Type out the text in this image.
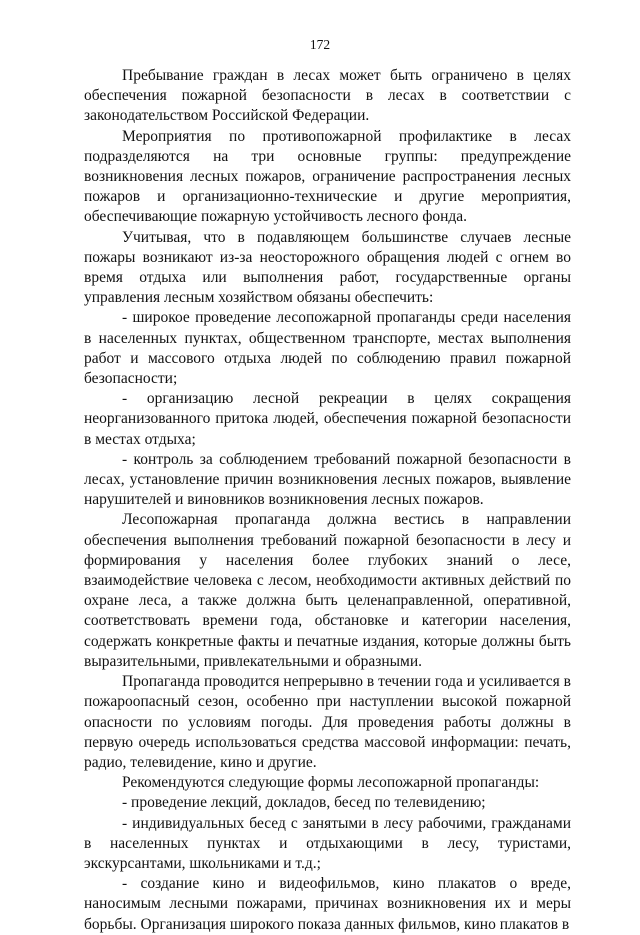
172

Пребывание граждан в лесах может быть ограничено в целях обеспечения пожарной безопасности в лесах в соответствии с законодательством Российской Федерации.

Мероприятия по противопожарной профилактике в лесах подразделяются на три основные группы: предупреждение возникновения лесных пожаров, ограничение распространения лесных пожаров и организационно-технические и другие мероприятия, обеспечивающие пожарную устойчивость лесного фонда.

Учитывая, что в подавляющем большинстве случаев лесные пожары возникают из-за неосторожного обращения людей с огнем во время отдыха или выполнения работ, государственные органы управления лесным хозяйством обязаны обеспечить:

- широкое проведение лесопожарной пропаганды среди населения в населенных пунктах, общественном транспорте, местах выполнения работ и массового отдыха людей по соблюдению правил пожарной безопасности;

- организацию лесной рекреации в целях сокращения неорганизованного притока людей, обеспечения пожарной безопасности в местах отдыха;

- контроль за соблюдением требований пожарной безопасности в лесах, установление причин возникновения лесных пожаров, выявление нарушителей и виновников возникновения лесных пожаров.

Лесопожарная пропаганда должна вестись в направлении обеспечения выполнения требований пожарной безопасности в лесу и формирования у населения более глубоких знаний о лесе, взаимодействие человека с лесом, необходимости активных действий по охране леса, а также должна быть целенаправленной, оперативной, соответствовать времени года, обстановке и категории населения, содержать конкретные факты и печатные издания, которые должны быть выразительными, привлекательными и образными.

Пропаганда проводится непрерывно в течении года и усиливается в пожароопасный сезон, особенно при наступлении высокой пожарной опасности по условиям погоды. Для проведения работы должны в первую очередь использоваться средства массовой информации: печать, радио, телевидение, кино и другие.

Рекомендуются следующие формы лесопожарной пропаганды:

- проведение лекций, докладов, бесед по телевидению;

- индивидуальных бесед с занятыми в лесу рабочими, гражданами в населенных пунктах и отдыхающими в лесу, туристами, экскурсантами, школьниками и т.д.;

- создание кино и видеофильмов, кино плакатов о вреде, наносимым лесными пожарами, причинах возникновения их и меры борьбы. Организация широкого показа данных фильмов, кино плакатов в
